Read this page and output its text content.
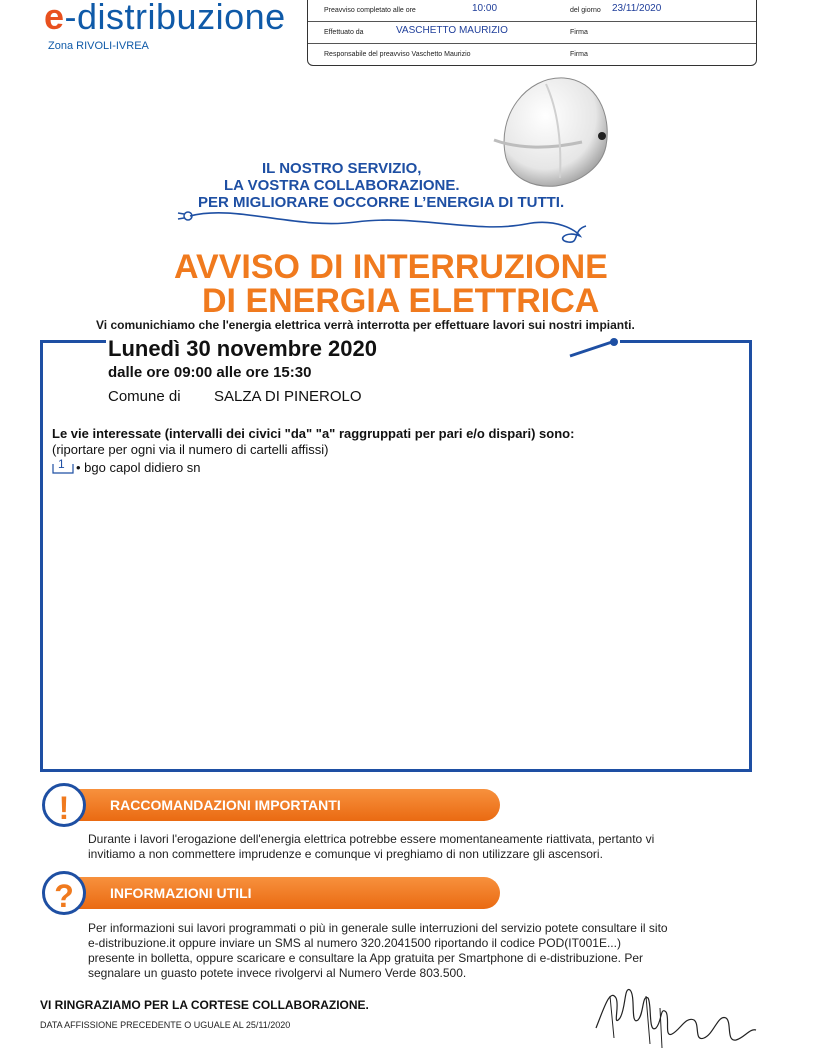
e-distribuzione
Zona RIVOLI-IVREA
Preavviso completato alle ore	10:00	del giorno 23/11/2020
Effettuato da	VASCHETTO MAURIZIO	Firma
Responsabile del preavviso Vaschetto Maurizio	Firma
IL NOSTRO SERVIZIO,
LA VOSTRA COLLABORAZIONE.
PER MIGLIORARE OCCORRE L’ENERGIA DI TUTTI.
AVVISO DI INTERRUZIONE
DI ENERGIA ELETTRICA
Vi comunichiamo che l'energia elettrica verrà interrotta per effettuare lavori sui nostri impianti.
Lunedì 30 novembre 2020
dalle ore 09:00 alle ore 15:30
Comune di SALZA DI PINEROLO
Le vie interessate (intervalli dei civici "da" "a" raggruppati per pari e/o dispari) sono:
(riportare per ogni via il numero di cartelli affissi)
1 • bgo capol didiero sn
RACCOMANDAZIONI IMPORTANTI
!
Durante i lavori l'erogazione dell'energia elettrica potrebbe essere momentaneamente riattivata, pertanto vi
invitiamo a non commettere imprudenze e comunque vi preghiamo di non utilizzare gli ascensori.
INFORMAZIONI UTILI
?
Per informazioni sui lavori programmati o più in generale sulle interruzioni del servizio potete consultare il sito
e-distribuzione.it oppure inviare un SMS al numero 320.2041500 riportando il codice POD(IT001E...)
presente in bolletta, oppure scaricare e consultare la App gratuita per Smartphone di e-distribuzione. Per
segnalare un guasto potete invece rivolgervi al Numero Verde 803.500.
VI RINGRAZIAMO PER LA CORTESE COLLABORAZIONE.
DATA AFFISSIONE PRECEDENTE O UGUALE AL 25/11/2020
